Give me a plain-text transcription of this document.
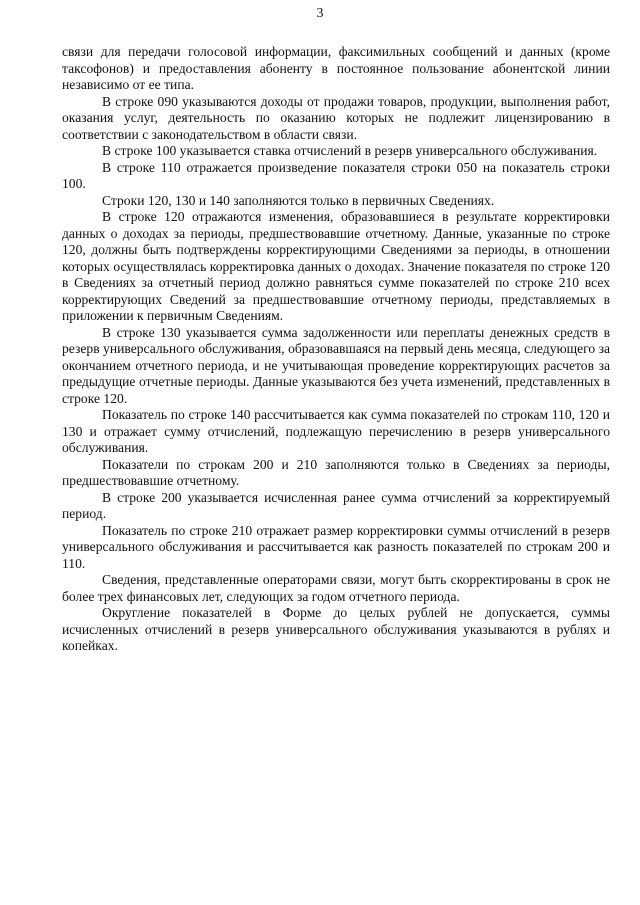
3

связи для передачи голосовой информации, факсимильных сообщений и данных (кроме таксофонов) и предоставления абоненту в постоянное пользование абонентской линии независимо от ее типа.

В строке 090 указываются доходы от продажи товаров, продукции, выполнения работ, оказания услуг, деятельность по оказанию которых не подлежит лицензированию в соответствии с законодательством в области связи.

В строке 100 указывается ставка отчислений в резерв универсального обслуживания.

В строке 110 отражается произведение показателя строки 050 на показатель строки 100.

Строки 120, 130 и 140 заполняются только в первичных Сведениях.

В строке 120 отражаются изменения, образовавшиеся в результате корректировки данных о доходах за периоды, предшествовавшие отчетному. Данные, указанные по строке 120, должны быть подтверждены корректирующими Сведениями за периоды, в отношении которых осуществлялась корректировка данных о доходах. Значение показателя по строке 120 в Сведениях за отчетный период должно равняться сумме показателей по строке 210 всех корректирующих Сведений за предшествовавшие отчетному периоды, представляемых в приложении к первичным Сведениям.

В строке 130 указывается сумма задолженности или переплаты денежных средств в резерв универсального обслуживания, образовавшаяся на первый день месяца, следующего за окончанием отчетного периода, и не учитывающая проведение корректирующих расчетов за предыдущие отчетные периоды. Данные указываются без учета изменений, представленных в строке 120.

Показатель по строке 140 рассчитывается как сумма показателей по строкам 110, 120 и 130 и отражает сумму отчислений, подлежащую перечислению в резерв универсального обслуживания.

Показатели по строкам 200 и 210 заполняются только в Сведениях за периоды, предшествовавшие отчетному.

В строке 200 указывается исчисленная ранее сумма отчислений за корректируемый период.

Показатель по строке 210 отражает размер корректировки суммы отчислений в резерв универсального обслуживания и рассчитывается как разность показателей по строкам 200 и 110.

Сведения, представленные операторами связи, могут быть скорректированы в срок не более трех финансовых лет, следующих за годом отчетного периода.

Округление показателей в Форме до целых рублей не допускается, суммы исчисленных отчислений в резерв универсального обслуживания указываются в рублях и копейках.
